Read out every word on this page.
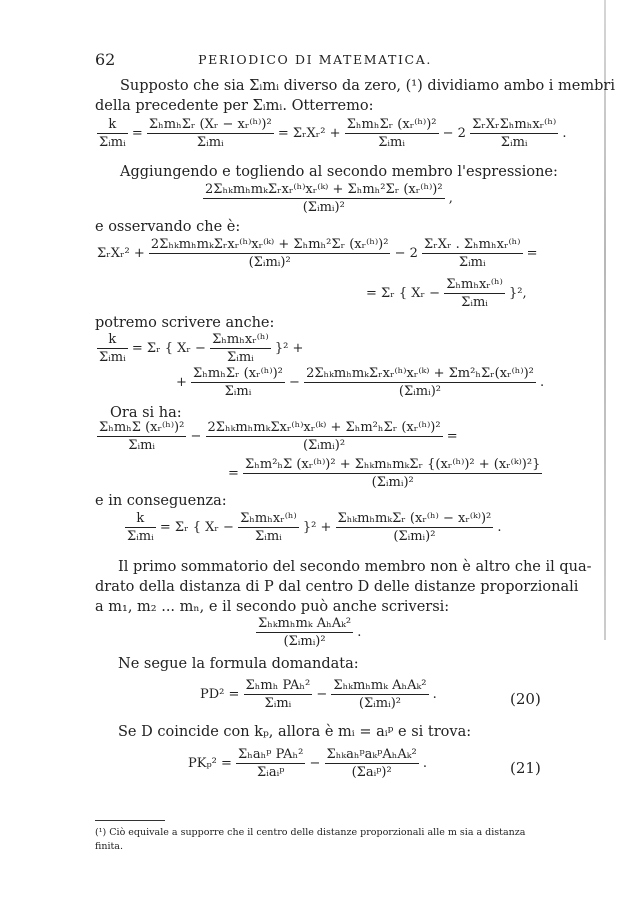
62	PERIODICO DI MATEMATICA.
Supposto che sia Σᵢmᵢ diverso da zero, (¹) dividiamo ambo i membri
della precedente per Σᵢmᵢ. Otterremo:
$\frac{k}{\text{Σᵢmᵢ}} = \frac{\text{ΣₕmₕΣᵣ (Xᵣ − xᵣ⁽ʰ⁾)²}}{\text{Σᵢmᵢ}}$ = ΣᵣXᵣ² + $\frac{\text{ΣₕmₕΣᵣ (xᵣ⁽ʰ⁾)²}}{\text{Σᵢmᵢ}} - 2 \frac{\text{ΣᵣXᵣΣₕmₕxᵣ⁽ʰ⁾}}{\text{Σᵢmᵢ}}$ .
Aggiungendo e togliendo al secondo membro l'espressione:
$\frac{\text{2ΣₕₖmₕmₖΣᵣxᵣ⁽ʰ⁾xᵣ⁽ᵏ⁾ + Σₕmₕ²Σᵣ (xᵣ⁽ʰ⁾)²}}{\text{(Σᵢmᵢ)²}}$ ,
e osservando che è:
ΣᵣXᵣ² + $\frac{\text{2ΣₕₖmₕmₖΣᵣxᵣ⁽ʰ⁾xᵣ⁽ᵏ⁾ + Σₕmₕ²Σᵣ (xᵣ⁽ʰ⁾)²}}{\text{(Σᵢmᵢ)²}} - 2 \frac{\text{ΣᵣXᵣ . Σₕmₕxᵣ⁽ʰ⁾}}{\text{Σᵢmᵢ}}$ =
= Σᵣ { Xᵣ − $\frac{\text{Σₕmₕxᵣ⁽ʰ⁾}}{\text{Σᵢmᵢ}} \}^2$,
potremo scrivere anche:
$\frac{k}{\text{Σᵢmᵢ}}$ = Σᵣ { Xᵣ − $\frac{\text{Σₕmₕxᵣ⁽ʰ⁾}}{\text{Σᵢmᵢ}} \}^2$ +
+ $\frac{\text{ΣₕmₕΣᵣ (xᵣ⁽ʰ⁾)²}}{\text{Σᵢmᵢ}} - \frac{\text{2ΣₕₖmₕmₖΣᵣxᵣ⁽ʰ⁾xᵣ⁽ᵏ⁾ + Σm²ₕΣᵣ(xᵣ⁽ʰ⁾)²}}{\text{(Σᵢmᵢ)²}}$ .
Ora si ha:
$\frac{\text{ΣₕmₕΣ (xᵣ⁽ʰ⁾)²}}{\text{Σᵢmᵢ}} - \frac{\text{2ΣₕₖmₕmₖΣxᵣ⁽ʰ⁾xᵣ⁽ᵏ⁾ + Σₕm²ₕΣᵣ (xᵣ⁽ʰ⁾)²}}{\text{(Σᵢmᵢ)²}}$ =
= $\frac{\text{Σₕm²ₕΣ (xᵣ⁽ʰ⁾)² + ΣₕₖmₕmₖΣᵣ \{(xᵣ⁽ʰ⁾)² + (xᵣ⁽ᵏ⁾)²\}}}{\text{(Σᵢmᵢ)²}}$
e in conseguenza:
$\frac{k}{\text{Σᵢmᵢ}}$ = Σᵣ { Xᵣ − $\frac{\text{Σₕmₕxᵣ⁽ʰ⁾}}{\text{Σᵢmᵢ}} \}^2 + \frac{\text{ΣₕₖmₕmₖΣᵣ (xᵣ⁽ʰ⁾ − xᵣ⁽ᵏ⁾)²}}{\text{(Σᵢmᵢ)²}}$ .
Il primo sommatorio del secondo membro non è altro che il qua-
drato della distanza di P dal centro D delle distanze proporzionali
a m₁, m₂ ... mₙ, e il secondo può anche scriversi:
$\frac{\text{Σₕₖmₕmₖ AₕAₖ²}}{\text{(Σᵢmᵢ)²}}$ .
Ne segue la formula domandata:
$PD^2 = \frac{\text{Σₕmₕ PAₕ²}}{\text{Σᵢmᵢ}} - \frac{\text{Σₕₖmₕmₖ AₕAₖ²}}{\text{(Σᵢmᵢ)²}}$ .	(20)
Se D coincide con kₚ, allora è mᵢ = aᵢᵖ e si trova:
$PK_p^2 = \frac{\text{Σₕaₕᵖ PAₕ²}}{\text{Σᵢaᵢᵖ}} - \frac{\text{ΣₕₖaₕᵖaₖᵖAₕAₖ²}}{\text{(Σaᵢᵖ)²}}$ .	(21)
(¹) Ciò equivale a supporre che il centro delle distanze proporzionali alle m sia a distanza finita.
